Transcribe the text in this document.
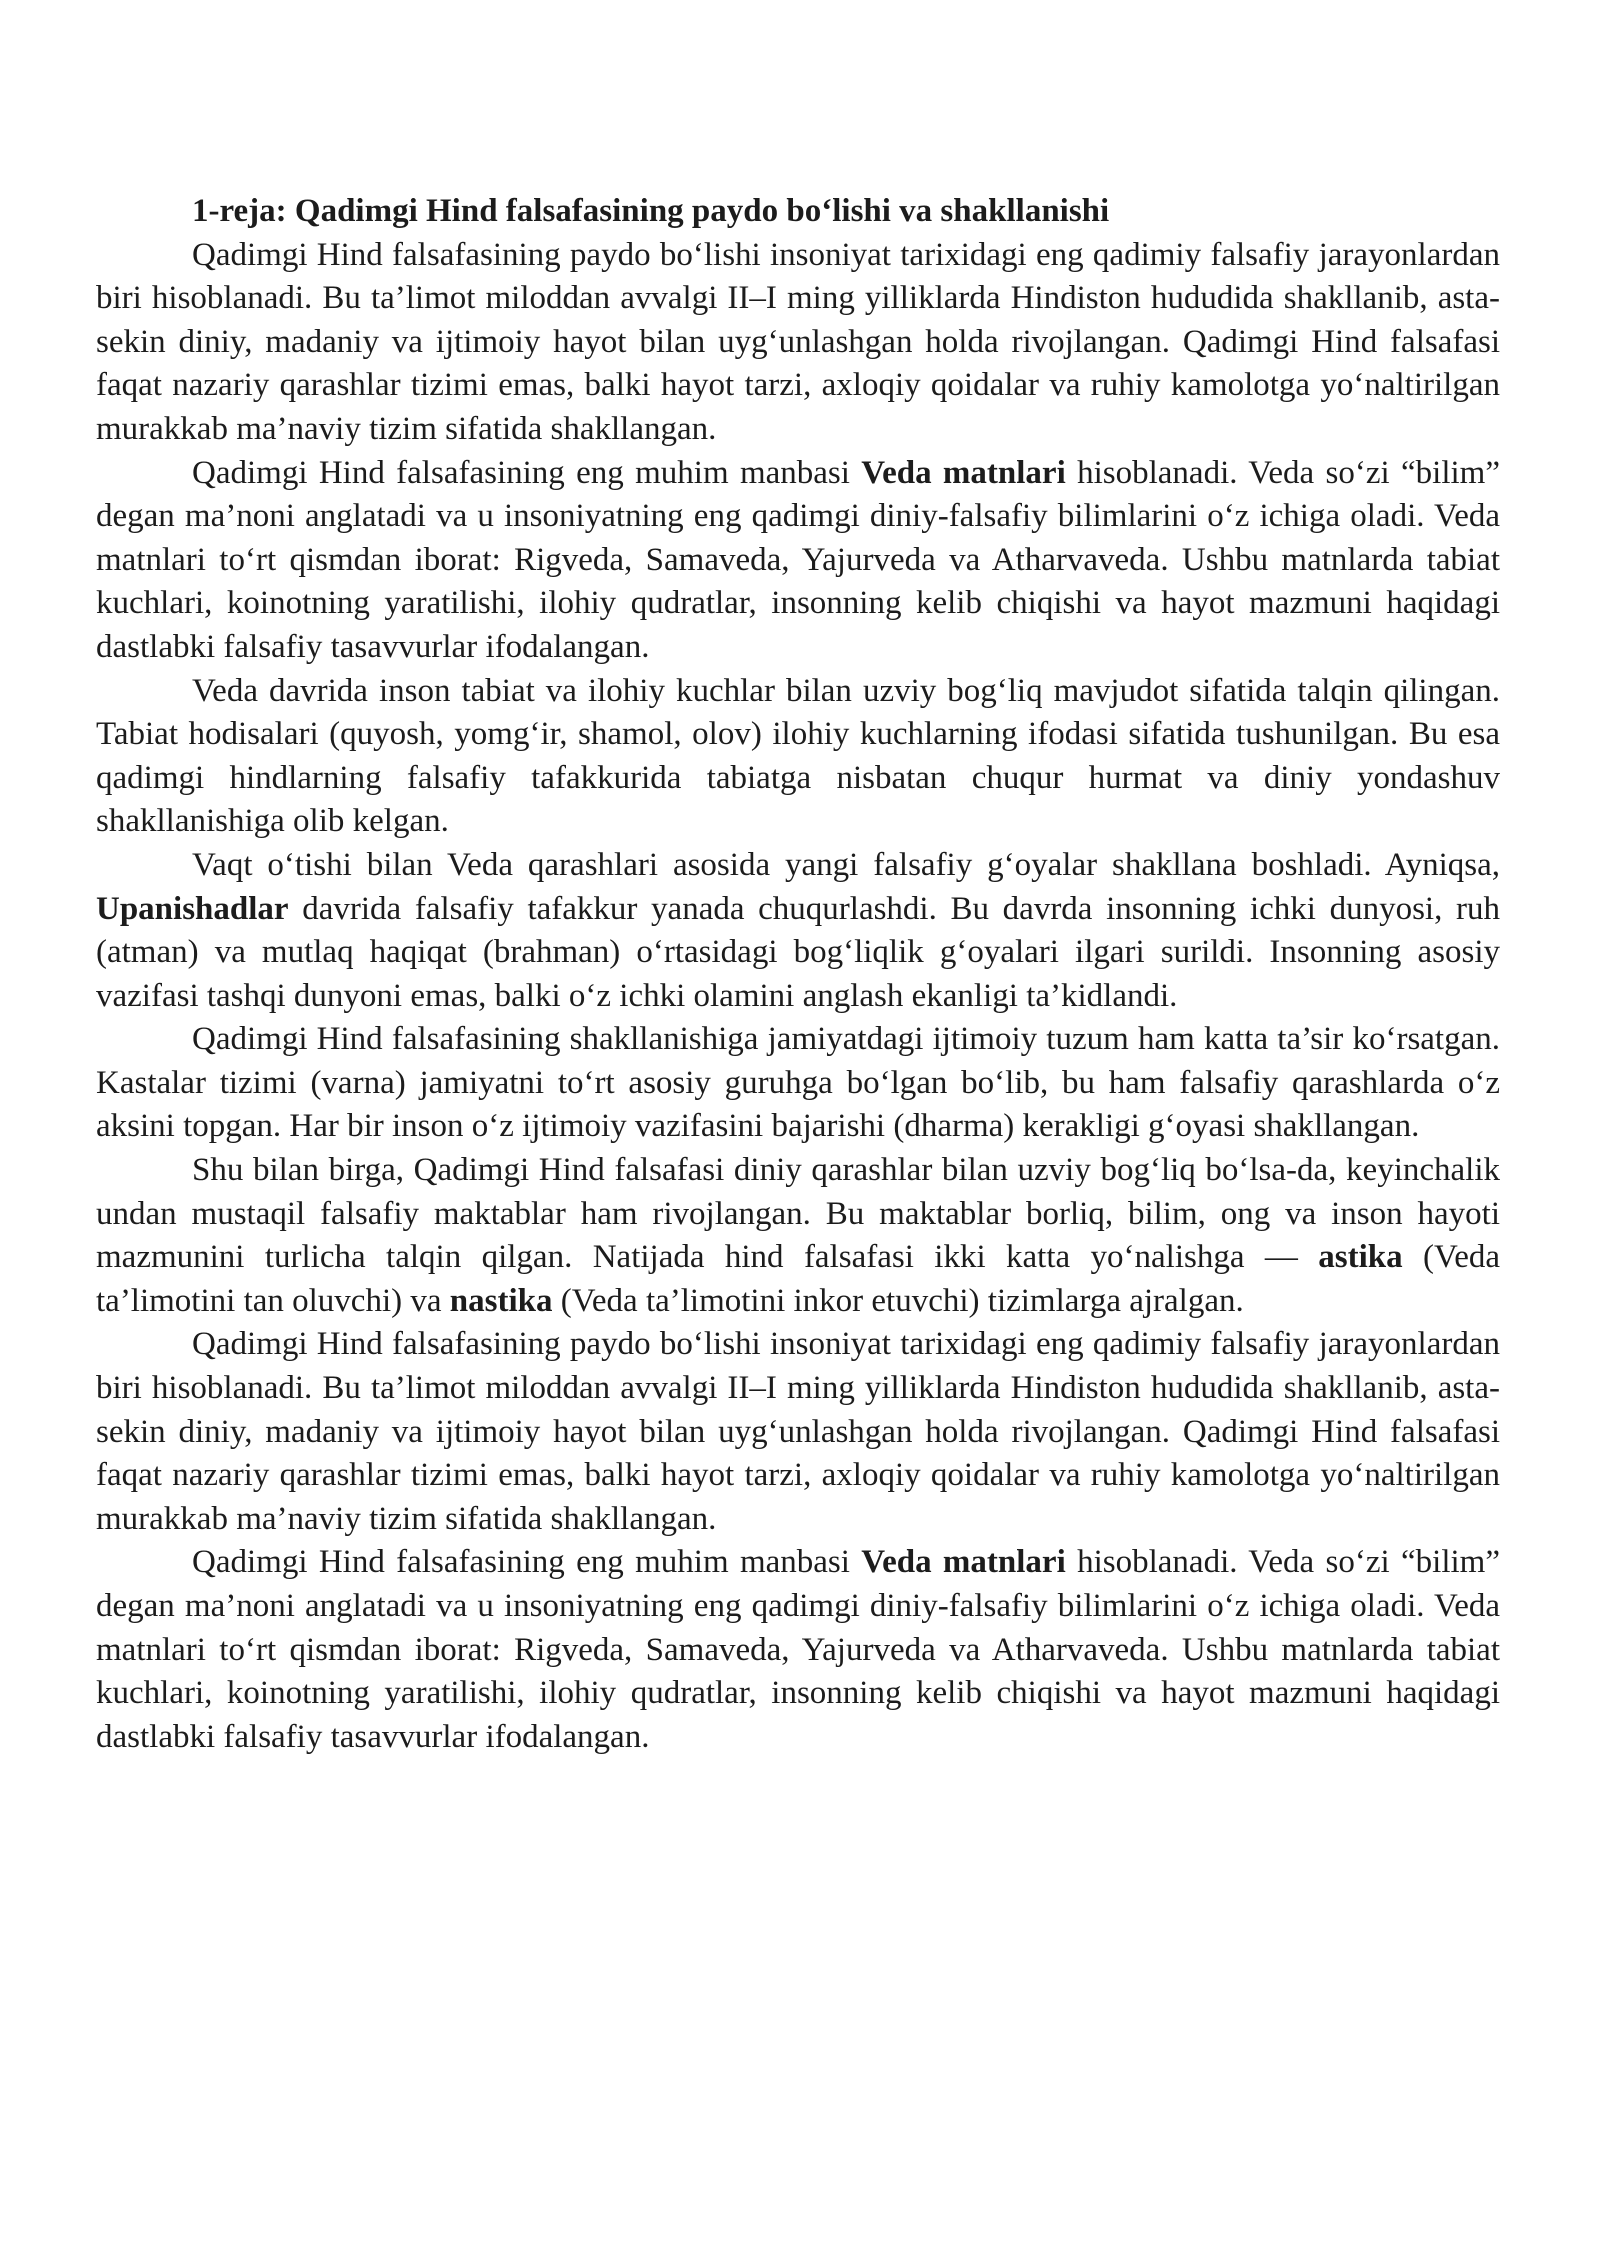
1-reja: Qadimgi Hind falsafasining paydo bo‘lishi va shakllanishi

Qadimgi Hind falsafasining paydo bo‘lishi insoniyat tarixidagi eng qadimiy falsafiy jarayonlardan biri hisoblanadi. Bu ta’limot miloddan avvalgi II–I ming yilliklarda Hindiston hududida shakllanib, asta-sekin diniy, madaniy va ijtimoiy hayot bilan uyg‘unlashgan holda rivojlangan. Qadimgi Hind falsafasi faqat nazariy qarashlar tizimi emas, balki hayot tarzi, axloqiy qoidalar va ruhiy kamolotga yo‘naltirilgan murakkab ma’naviy tizim sifatida shakllangan.

Qadimgi Hind falsafasining eng muhim manbasi Veda matnlari hisoblanadi. Veda so‘zi “bilim” degan ma’noni anglatadi va u insoniyatning eng qadimgi diniy-falsafiy bilimlarini o‘z ichiga oladi. Veda matnlari to‘rt qismdan iborat: Rigveda, Samaveda, Yajurveda va Atharvaveda. Ushbu matnlarda tabiat kuchlari, koinotning yaratilishi, ilohiy qudratlar, insonning kelib chiqishi va hayot mazmuni haqidagi dastlabki falsafiy tasavvurlar ifodalangan.

Veda davrida inson tabiat va ilohiy kuchlar bilan uzviy bog‘liq mavjudot sifatida talqin qilingan. Tabiat hodisalari (quyosh, yomg‘ir, shamol, olov) ilohiy kuchlarning ifodasi sifatida tushunilgan. Bu esa qadimgi hindlarning falsafiy tafakkurida tabiatga nisbatan chuqur hurmat va diniy yondashuv shakllanishiga olib kelgan.

Vaqt o‘tishi bilan Veda qarashlari asosida yangi falsafiy g‘oyalar shakllana boshladi. Ayniqsa, Upanishadlar davrida falsafiy tafakkur yanada chuqurlashdi. Bu davrda insonning ichki dunyosi, ruh (atman) va mutlaq haqiqat (brahman) o‘rtasidagi bog‘liqlik g‘oyalari ilgari surildi. Insonning asosiy vazifasi tashqi dunyoni emas, balki o‘z ichki olamini anglash ekanligi ta’kidlandi.

Qadimgi Hind falsafasining shakllanishiga jamiyatdagi ijtimoiy tuzum ham katta ta’sir ko‘rsatgan. Kastalar tizimi (varna) jamiyatni to‘rt asosiy guruhga bo‘lgan bo‘lib, bu ham falsafiy qarashlarda o‘z aksini topgan. Har bir inson o‘z ijtimoiy vazifasini bajarishi (dharma) kerakligi g‘oyasi shakllangan.

Shu bilan birga, Qadimgi Hind falsafasi diniy qarashlar bilan uzviy bog‘liq bo‘lsa-da, keyinchalik undan mustaqil falsafiy maktablar ham rivojlangan. Bu maktablar borliq, bilim, ong va inson hayoti mazmunini turlicha talqin qilgan. Natijada hind falsafasi ikki katta yo‘nalishga — astika (Veda ta’limotini tan oluvchi) va nastika (Veda ta’limotini inkor etuvchi) tizimlarga ajralgan.

Qadimgi Hind falsafasining paydo bo‘lishi insoniyat tarixidagi eng qadimiy falsafiy jarayonlardan biri hisoblanadi. Bu ta’limot miloddan avvalgi II–I ming yilliklarda Hindiston hududida shakllanib, asta-sekin diniy, madaniy va ijtimoiy hayot bilan uyg‘unlashgan holda rivojlangan. Qadimgi Hind falsafasi faqat nazariy qarashlar tizimi emas, balki hayot tarzi, axloqiy qoidalar va ruhiy kamolotga yo‘naltirilgan murakkab ma’naviy tizim sifatida shakllangan.

Qadimgi Hind falsafasining eng muhim manbasi Veda matnlari hisoblanadi. Veda so‘zi “bilim” degan ma’noni anglatadi va u insoniyatning eng qadimgi diniy-falsafiy bilimlarini o‘z ichiga oladi. Veda matnlari to‘rt qismdan iborat: Rigveda, Samaveda, Yajurveda va Atharvaveda. Ushbu matnlarda tabiat kuchlari, koinotning yaratilishi, ilohiy qudratlar, insonning kelib chiqishi va hayot mazmuni haqidagi dastlabki falsafiy tasavvurlar ifodalangan.
